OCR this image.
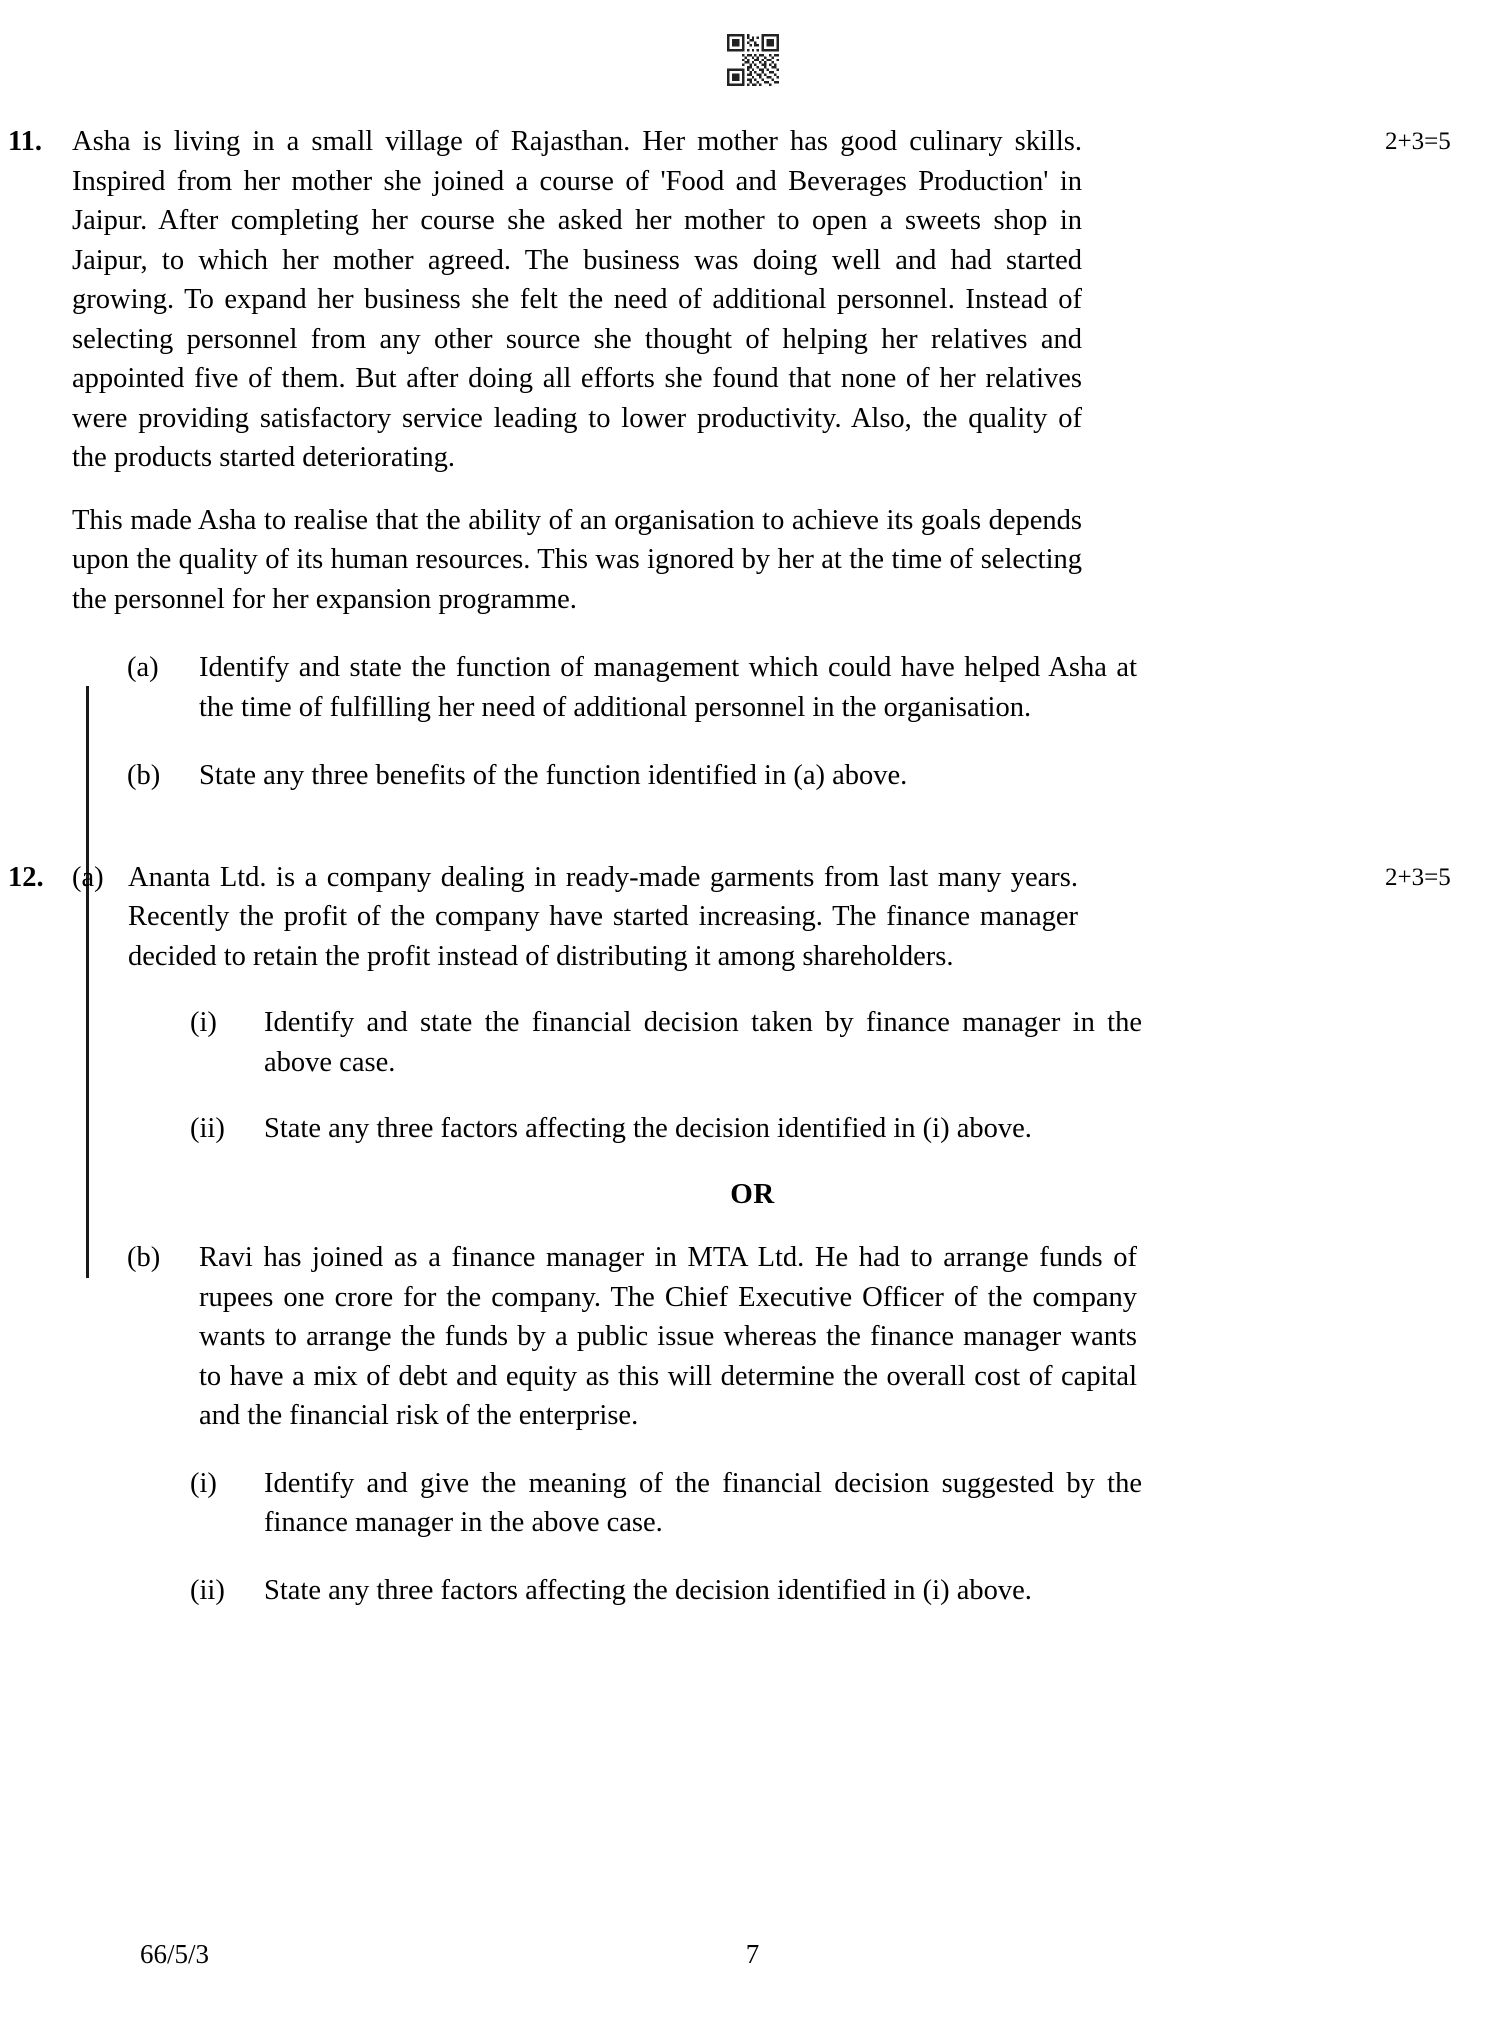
11.	Asha is living in a small village of Rajasthan. Her mother has good culinary skills. Inspired from her mother she joined a course of 'Food and Beverages Production' in Jaipur. After completing her course she asked her mother to open a sweets shop in Jaipur, to which her mother agreed. The business was doing well and had started growing. To expand her business she felt the need of additional personnel. Instead of selecting personnel from any other source she thought of helping her relatives and appointed five of them. But after doing all efforts she found that none of her relatives were providing satisfactory service leading to lower productivity. Also, the quality of the products started deteriorating.

This made Asha to realise that the ability of an organisation to achieve its goals depends upon the quality of its human resources. This was ignored by her at the time of selecting the personnel for her expansion programme.

2+3=5
(a)	Identify and state the function of management which could have helped Asha at the time of fulfilling her need of additional personnel in the organisation.
(b)	State any three benefits of the function identified in (a) above.
12. (a) Ananta Ltd. is a company dealing in ready-made garments from last many years. Recently the profit of the company have started increasing. The finance manager decided to retain the profit instead of distributing it among shareholders.
2+3=5
(i)	Identify and state the financial decision taken by finance manager in the above case.
(ii)	State any three factors affecting the decision identified in (i) above.
OR
(b)	Ravi has joined as a finance manager in MTA Ltd. He had to arrange funds of rupees one crore for the company. The Chief Executive Officer of the company wants to arrange the funds by a public issue whereas the finance manager wants to have a mix of debt and equity as this will determine the overall cost of capital and the financial risk of the enterprise.
(i)	Identify and give the meaning of the financial decision suggested by the finance manager in the above case.
(ii)	State any three factors affecting the decision identified in (i) above.
66/5/3	7
